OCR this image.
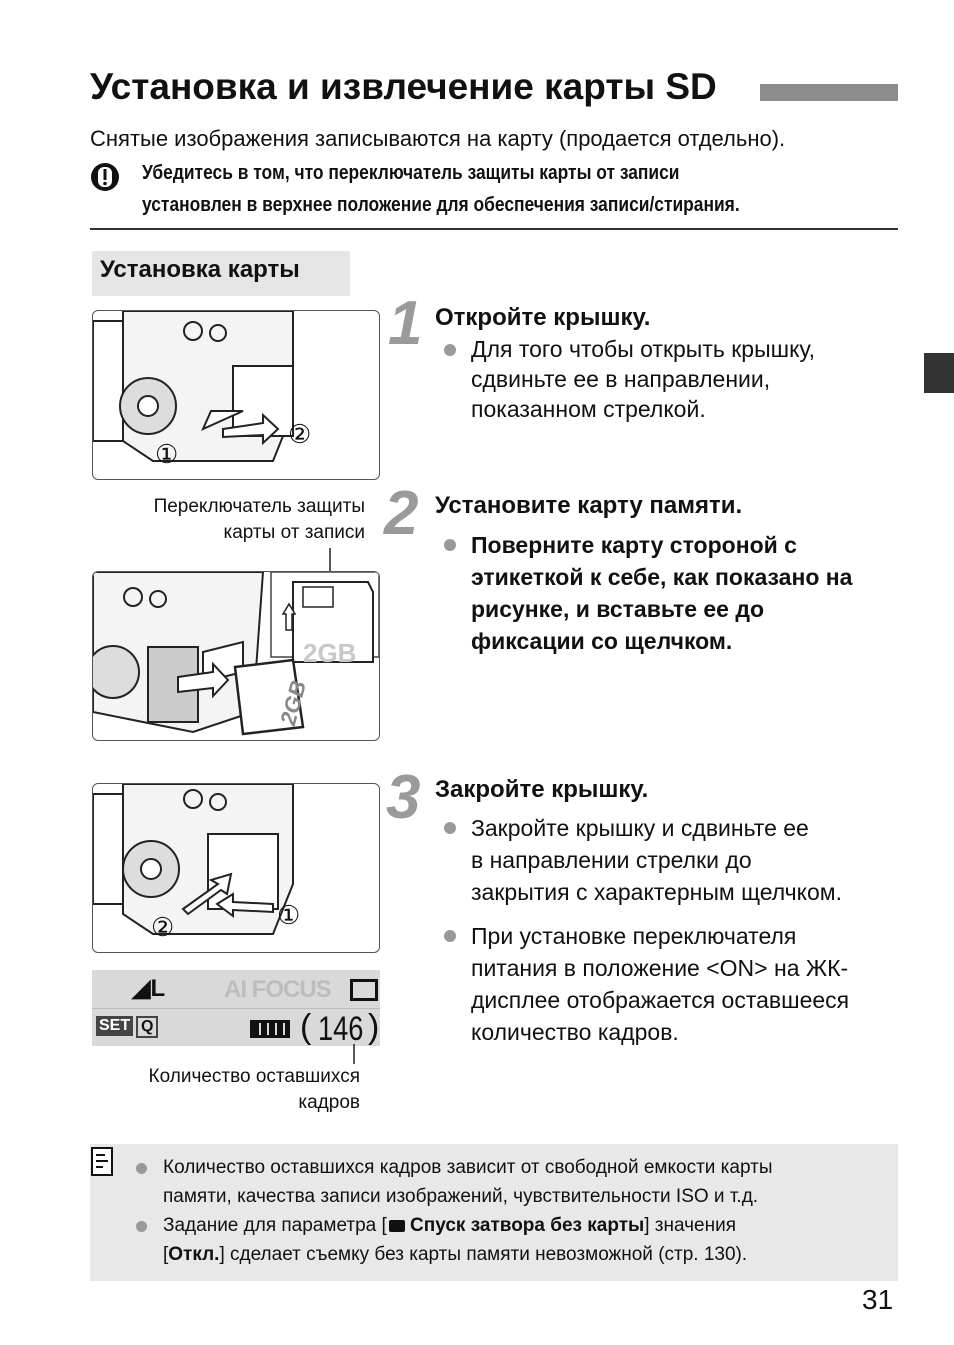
Установка и извлечение карты SD
Снятые изображения записываются на карту (продается отдельно).
Убедитесь в том, что переключатель защиты карты от записи
установлен в верхнее положение для обеспечения записи/стирания.
Установка карты
①
②
1 Откройте крышку.
Для того чтобы открыть крышку,
сдвиньте ее в направлении,
показанном стрелкой.
Переключатель защиты
карты от записи
2GB
2GB
2 Установите карту памяти.
Поверните карту стороной с
этикеткой к себе, как показано на
рисунке, и вставьте ее до
фиксации со щелчком.
①
②
◢L AI FOCUS
SET Q	( 146 )
Количество оставшихся
кадров
3 Закройте крышку.
Закройте крышку и сдвиньте ее
в направлении стрелки до
закрытия с характерным щелчком.
При установке переключателя
питания в положение <ON> на ЖК-
дисплее отображается оставшееся
количество кадров.
Количество оставшихся кадров зависит от свободной емкости карты
памяти, качества записи изображений, чувствительности ISO и т.д.
Задание для параметра [ Спуск затвора без карты] значения
[Откл.] сделает съемку без карты памяти невозможной (стр. 130).
31
